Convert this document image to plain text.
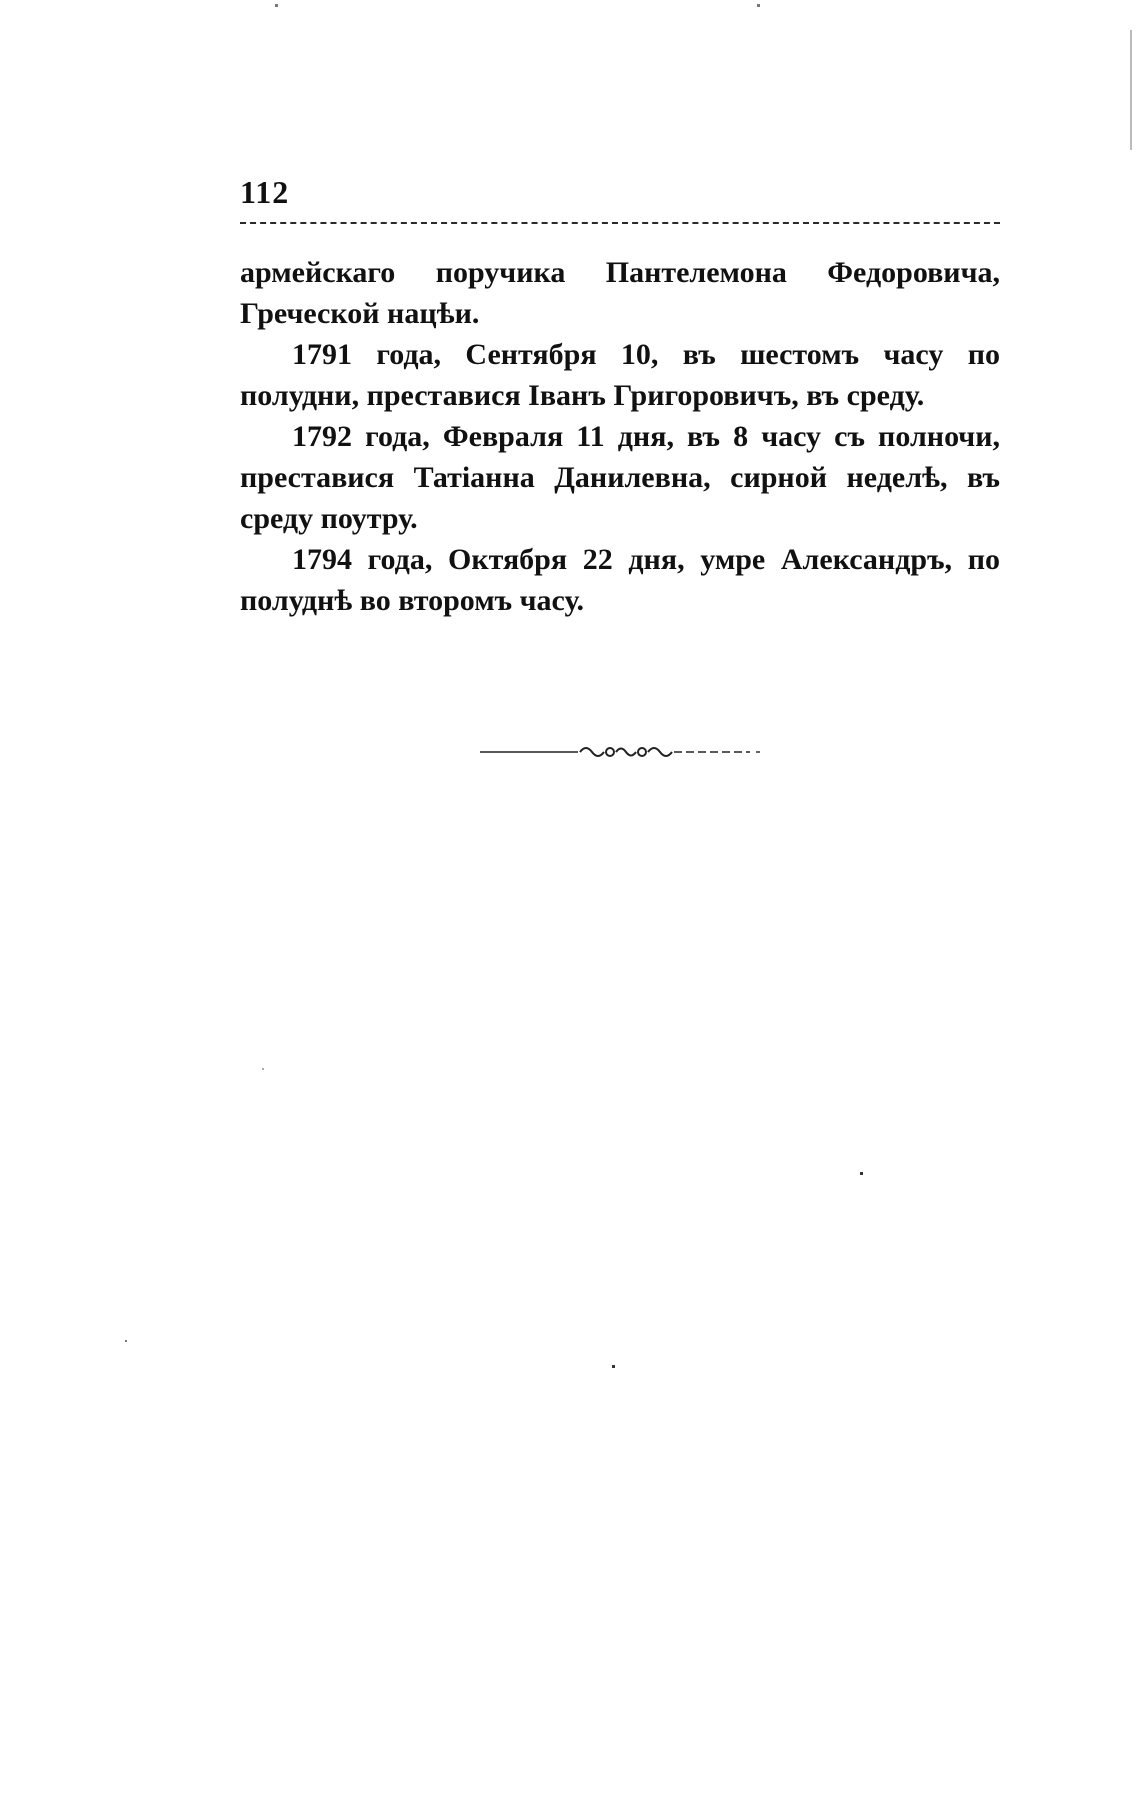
112

армейскаго поручика Пантелемона Федоровича, Греческой нацѣи.

1791 года, Сентября 10, въ шестомъ часу по полудни, преставися Іванъ Григоровичъ, въ среду.

1792 года, Февраля 11 дня, въ 8 часу съ полночи, преставися Татіанна Данилевна, сирной неделѣ, въ среду поутру.

1794 года, Октября 22 дня, умре Александръ, по полуднѣ во второмъ часу.
